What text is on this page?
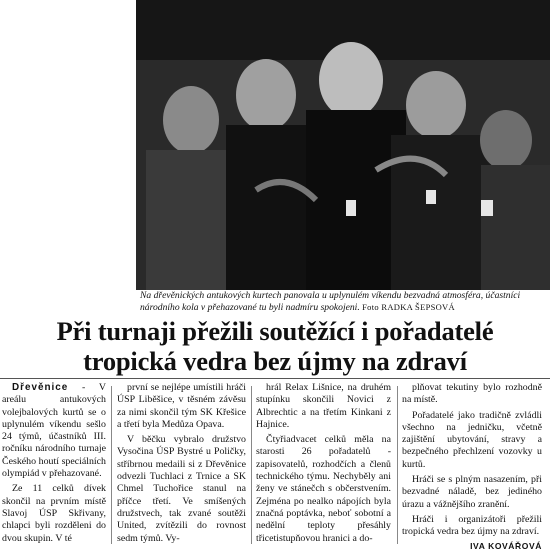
Na dřevěnických antukových kurtech panovala u uplynulém víkendu bezvadná atmosféra, účastníci národního kola v přehazované tu byli nadmíru spokojeni. Foto RADKA ŠEPSOVÁ
Při turnaji přežili soutěžící i pořadatelé
tropická vedra bez újmy na zdraví

Dřevěnice - V areálu antukových volejbalových kurtů se o uplynulém víkendu sešlo 24 týmů, účastníků III. ročníku národního turnaje Českého houtí speciálních olympiád v přehazované.

Ze 11 celků dívek skončil na prvním místě Slavoj ÚSP Skřivany, chlapci byli rozděleni do dvou skupin. V té

první se nejlépe umístili hráči ÚSP Liběšice, v těsném závěsu za nimi skončil tým SK Křešice a třetí byla Medůza Opava.

V běčku vybralo družstvo Vysočina ÚSP Bystré u Poličky, stříbrnou medaili si z Dřevěnice odvezli Tuchlaci z Trnice a SK Chmel Tuchořice stanul na příčce třetí. Ve smíšených družstvech, tak zvané soutěži United, zvítězili do rovnost sedm týmů. Vy-

hrál Relax Lišnice, na druhém stupínku skončili Novici z Albrechtic a na třetím Kinkani z Hajnice.

Čtyřiadvacet celků měla na starosti 26 pořadatelů - zapisovatelů, rozhodčích a členů technického týmu. Nechyběly ani ženy ve stánečch s občerstvením. Zejména po nealko nápojích byla značná poptávka, neboť sobotní a nedělní teploty přesáhly třicetistupňovou hranici a do-

plňovat tekutiny bylo rozhodně na místě.

Pořadatelé jako tradičně zvládli všechno na jedničku, včetně zajištění ubytování, stravy a bezpečného přechlzení vozovky u kurtů.

Hráči se s plným nasazením, při bezvadné náladě, bez jediného úrazu a vážnějšího zranění.

Hráči i organizátoři přežili tropická vedra bez újmy na zdraví.

IVA KOVÁŘOVÁ
